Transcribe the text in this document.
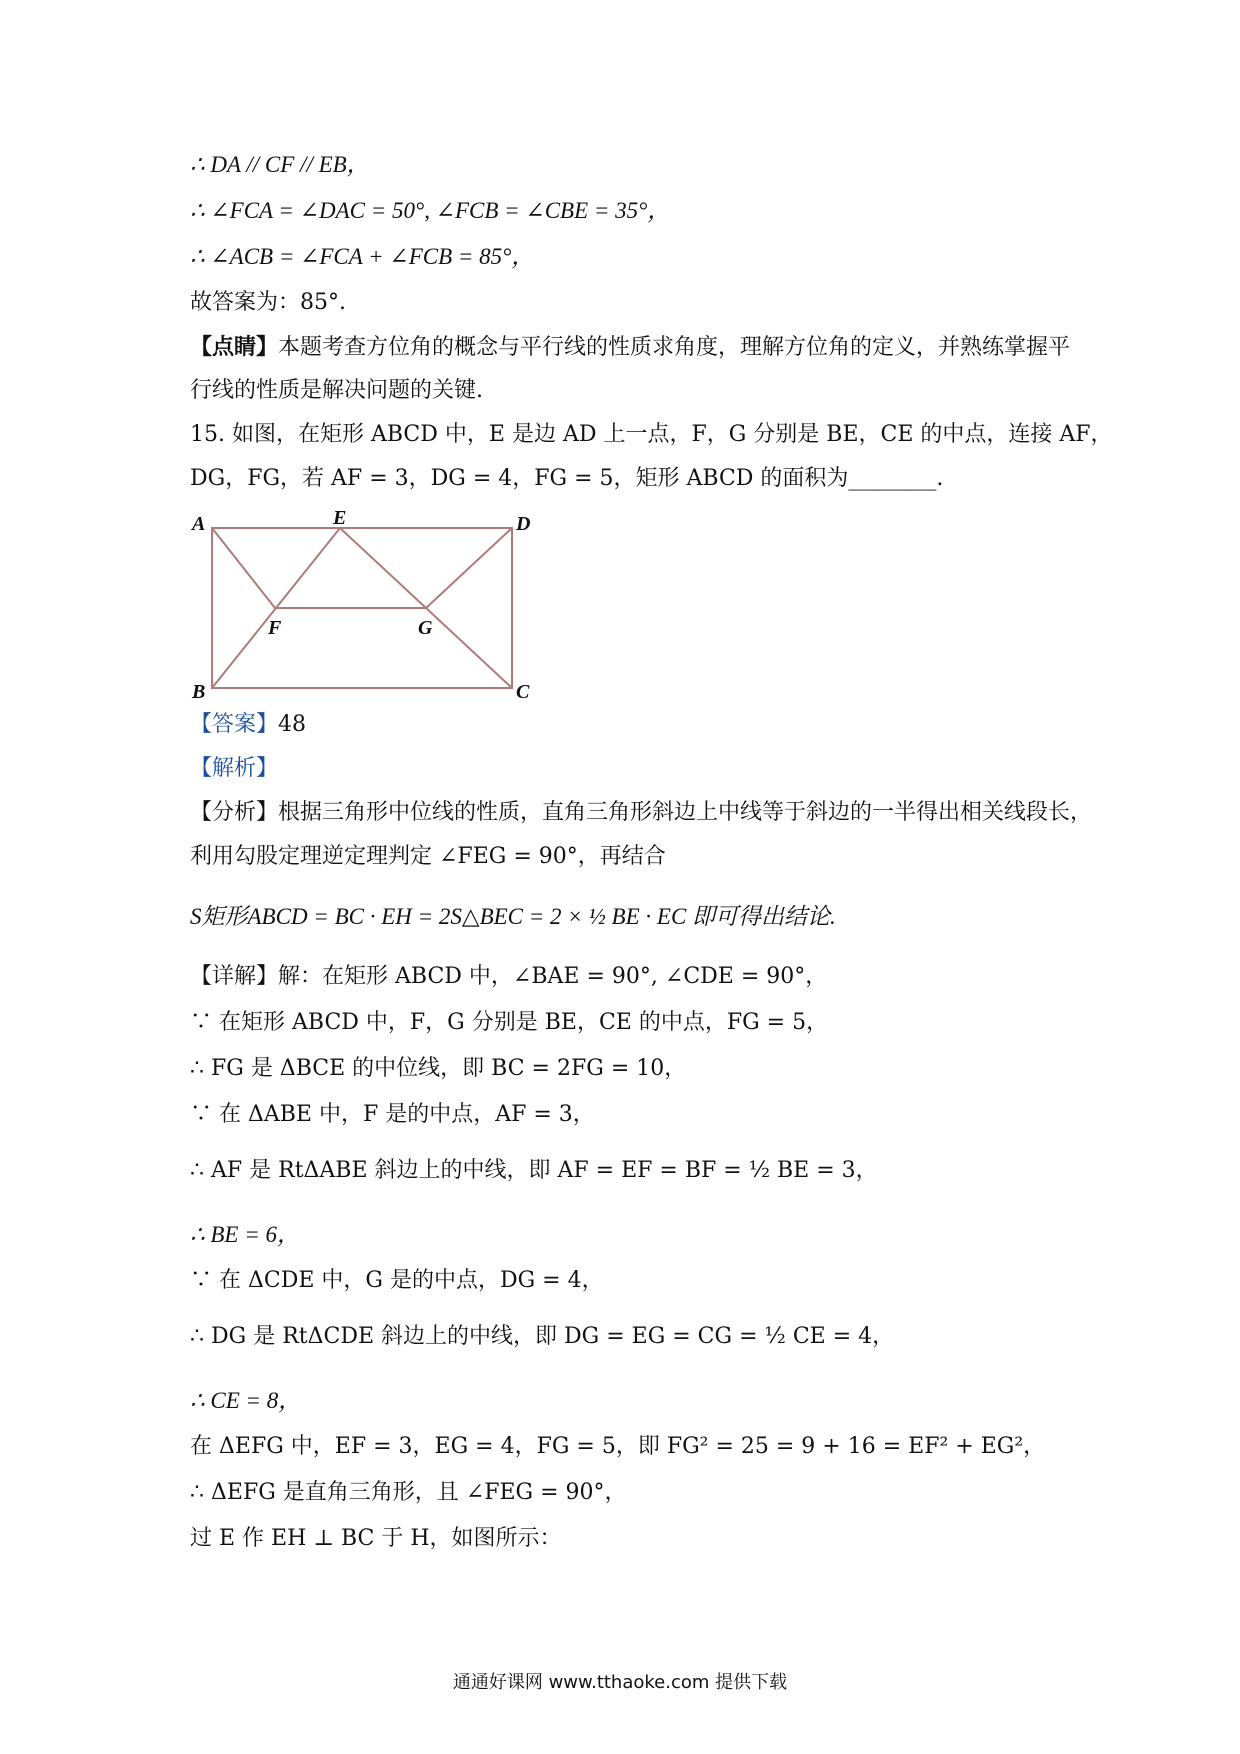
∴ DA // CF // EB，
∴ ∠FCA = ∠DAC = 50°, ∠FCB = ∠CBE = 35°，
∴ ∠ACB = ∠FCA + ∠FCB = 85°，
故答案为：85°.
【点睛】本题考查方位角的概念与平行线的性质求角度，理解方位角的定义，并熟练掌握平
行线的性质是解决问题的关键.
15. 如图，在矩形 ABCD 中，E 是边 AD 上一点，F，G 分别是 BE，CE 的中点，连接 AF，
DG，FG，若 AF = 3，DG = 4，FG = 5，矩形 ABCD 的面积为________.
A
B	C
D
E
F	G
【答案】48
【解析】
【分析】根据三角形中位线的性质，直角三角形斜边上中线等于斜边的一半得出相关线段长，
利用勾股定理逆定理判定 ∠FEG = 90°，再结合
S矩形ABCD = BC · EH = 2S△BEC = 2 × ½ BE · EC 即可得出结论.
【详解】解：在矩形 ABCD 中，∠BAE = 90°, ∠CDE = 90°，
∵ 在矩形 ABCD 中，F，G 分别是 BE，CE 的中点，FG = 5，
∴ FG 是 ΔBCE 的中位线，即 BC = 2FG = 10，
∵ 在 ΔABE 中，F 是的中点，AF = 3，
∴ AF 是 RtΔABE 斜边上的中线，即 AF = EF = BF = ½ BE = 3，
∴ BE = 6，
∵ 在 ΔCDE 中，G 是的中点，DG = 4，
∴ DG 是 RtΔCDE 斜边上的中线，即 DG = EG = CG = ½ CE = 4，
∴ CE = 8，
在 ΔEFG 中，EF = 3，EG = 4，FG = 5，即 FG² = 25 = 9 + 16 = EF² + EG²，
∴ ΔEFG 是直角三角形，且 ∠FEG = 90°，
过 E 作 EH ⊥ BC 于 H，如图所示：
通通好课网 www.tthaoke.com 提供下载
